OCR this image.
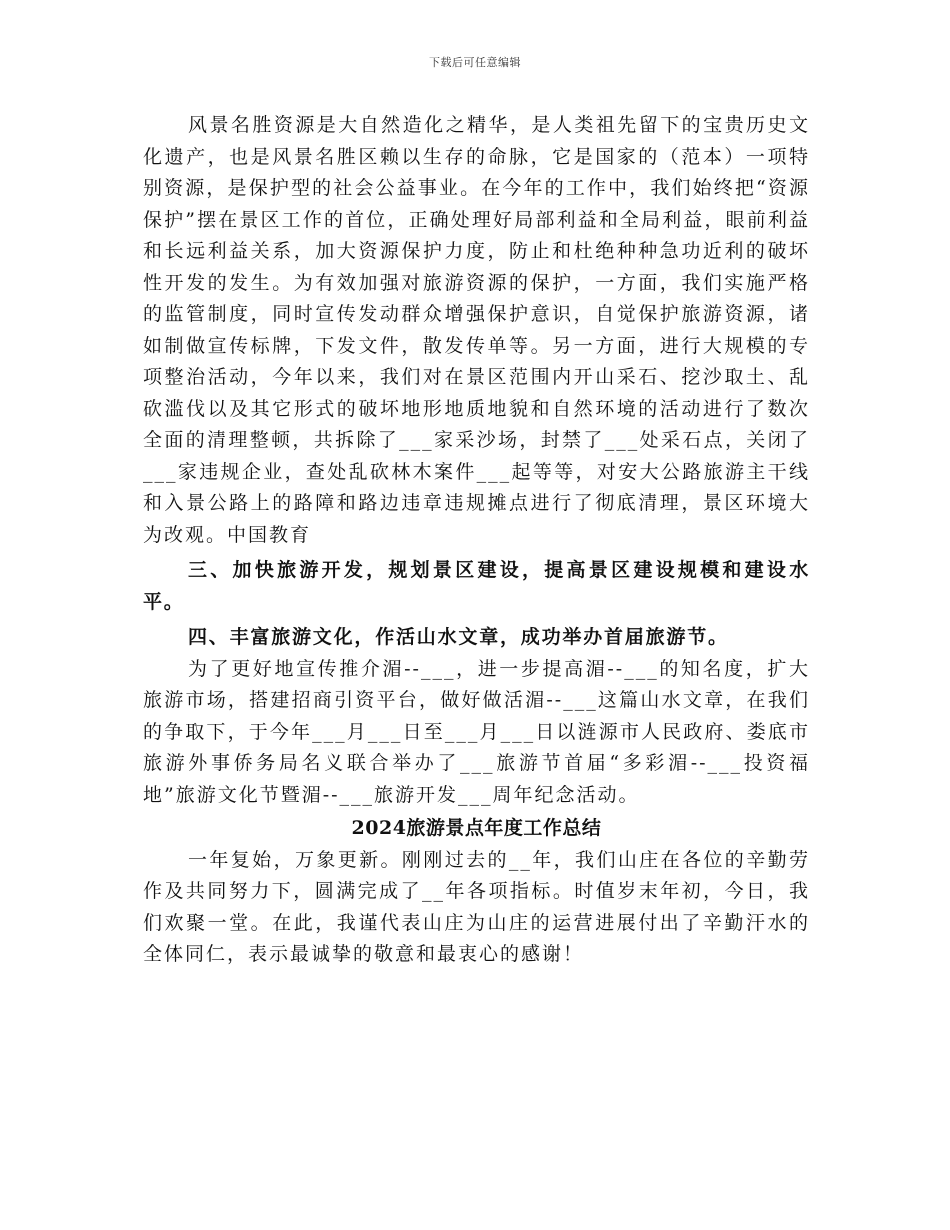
下载后可任意编辑

风景名胜资源是大自然造化之精华，是人类祖先留下的宝贵历史文化遗产，也是风景名胜区赖以生存的命脉，它是国家的（范本）一项特别资源，是保护型的社会公益事业。在今年的工作中，我们始终把“资源保护”摆在景区工作的首位，正确处理好局部利益和全局利益，眼前利益和长远利益关系，加大资源保护力度，防止和杜绝种种急功近利的破坏性开发的发生。为有效加强对旅游资源的保护，一方面，我们实施严格的监管制度，同时宣传发动群众增强保护意识，自觉保护旅游资源，诸如制做宣传标牌，下发文件，散发传单等。另一方面，进行大规模的专项整治活动，今年以来，我们对在景区范围内开山采石、挖沙取土、乱砍滥伐以及其它形式的破坏地形地质地貌和自然环境的活动进行了数次全面的清理整顿，共拆除了___家采沙场，封禁了___处采石点，关闭了___家违规企业，查处乱砍林木案件___起等等，对安大公路旅游主干线和入景公路上的路障和路边违章违规摊点进行了彻底清理，景区环境大为改观。中国教育

三、加快旅游开发，规划景区建设，提高景区建设规模和建设水平。

四、丰富旅游文化，作活山水文章，成功举办首届旅游节。

为了更好地宣传推介湄--___，进一步提高湄--___的知名度，扩大旅游市场，搭建招商引资平台，做好做活湄--___这篇山水文章，在我们的争取下，于今年___月___日至___月___日以涟源市人民政府、娄底市旅游外事侨务局名义联合举办了___旅游节首届“多彩湄--___投资福地”旅游文化节暨湄--___旅游开发___周年纪念活动。

2024旅游景点年度工作总结

一年复始，万象更新。刚刚过去的__年，我们山庄在各位的辛勤劳作及共同努力下，圆满完成了__年各项指标。时值岁末年初，今日，我们欢聚一堂。在此，我谨代表山庄为山庄的运营进展付出了辛勤汗水的全体同仁，表示最诚挚的敬意和最衷心的感谢！
